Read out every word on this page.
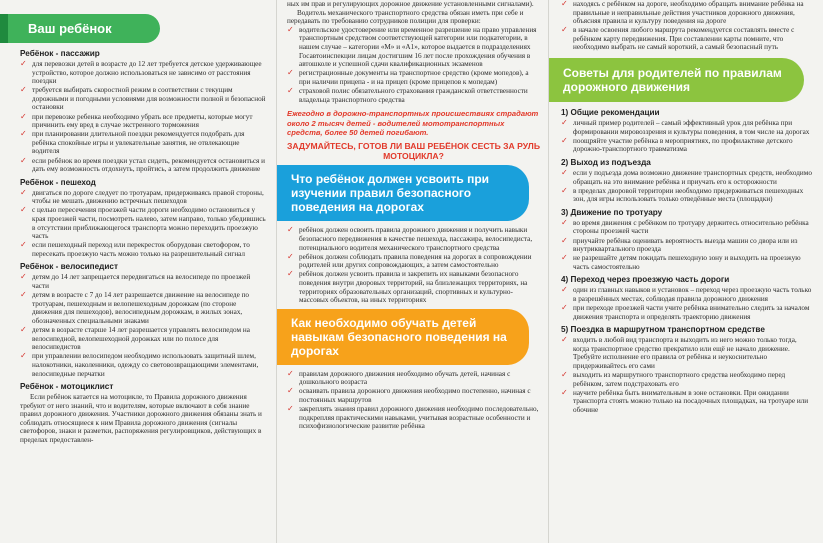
Ваш ребёнок
Ребёнок - пассажир
✓ для перевозки детей в возрасте до 12 лет требуется детское удерживающее устройство, которое должно использоваться не зависимо от расстояния поездки
✓ требуется выбирать скоростной режим в соответствии с текущим дорожными и погодными условиями для возможности полной и безопасной остановки
✓ при перевозке ребенка необходимо убрать все предметы, которые могут причинить ему вред в случае экстренного торможения
✓ при планировании длительной поездки рекомендуется подобрать для ребёнка спокойные игры и увлекательные занятия, не отвлекающие водителя
✓ если ребёнок во время поездки устал сидеть, рекомендуется остановиться и дать ему возможность отдохнуть, пройтись, а затем продолжить движение
Ребёнок - пешеход
✓ двигаться по дороге следует по тротуарам, придерживаясь правой стороны, чтобы не мешать движению встречных пешеходов
✓ с целью пересечения проезжей части дороги необходимо остановиться у края проезжей части, посмотреть налево, затем направо, только убедившись в отсутствии приближающегося транспорта можно переходить проезжую часть
✓ если пешеходный переход или перекресток оборудован светофором, то пересекать проезжую часть можно только на разрешительный сигнал
Ребёнок - велосипедист
✓ детям до 14 лет запрещается передвигаться на велосипеде по проезжей части
✓ детям в возрасте с 7 до 14 лет разрешается движение на велосипеде по тротуарам, пешеходным и велопешеходным дорожкам (по стороне движения для пешеходов), велосипедным дорожкам, в жилых зонах, обозначенных специальными знаками
✓ детям в возрасте старше 14 лет разрешается управлять велосипедом на велосипедной, велопешеходной дорожках или по полосе для велосипедистов
✓ при управлении велосипедом необходимо использовать защитный шлем, налокотники, наколенники, одежду со световозвращающими элементами, велосипедные перчатки
Ребёнок - мотоциклист

Если ребёнок катается на мотоцикле, то Правила дорожного движения требуют от него знаний, что и водителям, которые включают в себя знание правил дорожного движения. Участники дорожного движения обязаны знать и соблюдать относящиеся к ним Правила дорожного движения (сигналы светофоров, знаки и разметки, распоряжения регулировщиков, действующих в пределах предоставлен-

ных им прав и регулирующих дорожное движение установленными сигналами).

Водитель механического транспортного средства обязан иметь при себе и передавать по требованию сотрудников полиции для проверки:

✓ водительское удостоверение или временное разрешение на право управления транспортным средством соответствующей категории или подкатегории, в нашем случае – категории «М» и «A1», которое выдается в подразделениях Госавтоинспекции лицам достигшим 16 лет после прохождения обучения в автошколе и успешной сдачи квалификационных экзаменов
✓ регистрационные документы на транспортное средство (кроме мопедов), а при наличии прицепа - и на прицеп (кроме прицепов к мопедам)
✓ страховой полис обязательного страхования гражданской ответственности владельца транспортного средства

Ежегодно в дорожно-транспортных происшествиях страдают около 2 тысяч детей - водителей мототранспортных средств, более 50 детей погибают.

ЗАДУМАЙТЕСЬ, ГОТОВ ЛИ ВАШ РЕБЁНОК СЕСТЬ ЗА РУЛЬ МОТОЦИКЛА?

Что ребёнок должен усвоить при изучении правил безопасного поведения на дорогах
✓ ребёнок должен освоить правила дорожного движения и получить навыки безопасного передвижения в качестве пешехода, пассажира, велосипедиста, потенциального водителя механического транспортного средства
✓ ребёнок должен соблюдать правила поведения на дорогах в сопровождении родителей или других сопровождающих, а затем самостоятельно
✓ ребёнок должен усвоить правила и закрепить их навыками безопасного поведения внутри дворовых территорий, на близлежащих территориях, на территориях образовательных организаций, спортивных и культурно-массовых объектов, на иных территориях
Как необходимо обучать детей навыкам безопасного поведения на дорогах
✓ правилам дорожного движения необходимо обучать детей, начиная с дошкольного возраста
✓ осваивать правила дорожного движения необходимо постепенно, начиная с постоянных маршрутов
✓ закреплять знания правил дорожного движения необходимо последовательно, подкрепляя практическими навыками, учитывая возрастные особенности и психофизиологические развитие ребёнка
✓ находясь с ребёнком на дороге, необходимо обращать внимание ребёнка на правильные и неправильные действия участников дорожного движения, объясняя правила и культуру поведения на дороге
✓ в начале освоения любого маршрута рекомендуется составлять вместе с ребёнком карту передвижения. При составлении карты помните, что необходимо выбрать не самый короткий, а самый безопасный путь
Советы для родителей по правилам дорожного движения
1) Общие рекомендации
✓ личный пример родителей – самый эффективный урок для ребёнка при формировании мировоззрения и культуры поведения, в том числе на дорогах
✓ поощряйте участие ребёнка в мероприятиях, по профилактике детского дорожно-транспортного травматизма
2) Выход из подъезда
✓ если у подъезда дома возможно движение транспортных средств, необходимо обращать на это внимание ребёнка и приучать его к осторожности
✓ в пределах дворовой территории необходимо придерживаться пешеходных зон, для игры использовать только отведённые места (площадки)
3) Движение по тротуару
✓ во время движения с ребёнком по тротуару держитесь относительно ребёнка стороны проезжей части
✓ приучайте ребёнка оценивать вероятность выезда машин со двора или из внутриквартального проезда
✓ не разрешайте детям покидать пешеходную зону и выходить на проезжую часть самостоятельно
4) Переход через проезжую часть дороги
✓ один из главных навыков и установок – переход через проезжую часть только в разрешённых местах, соблюдая правила дорожного движения
✓ при переходе проезжей части учите ребёнка внимательно следить за началом движения транспорта и определять траекторию движения
5) Поездка в маршрутном транспортном средстве
✓ входить в любой вид транспорта и выходить из него можно только тогда, когда транспортное средство прекратило или ещё не начало движение. Требуйте исполнение его правила от ребёнка и неукоснительно придерживайтесь его сами
✓ выходить из маршрутного транспортного средства необходимо перед ребёнком, затем подстраховать его
✓ научите ребёнка быть внимательным в зоне остановки. При ожидании транспорта стоять можно только на посадочных площадках, на тротуаре или обочине
